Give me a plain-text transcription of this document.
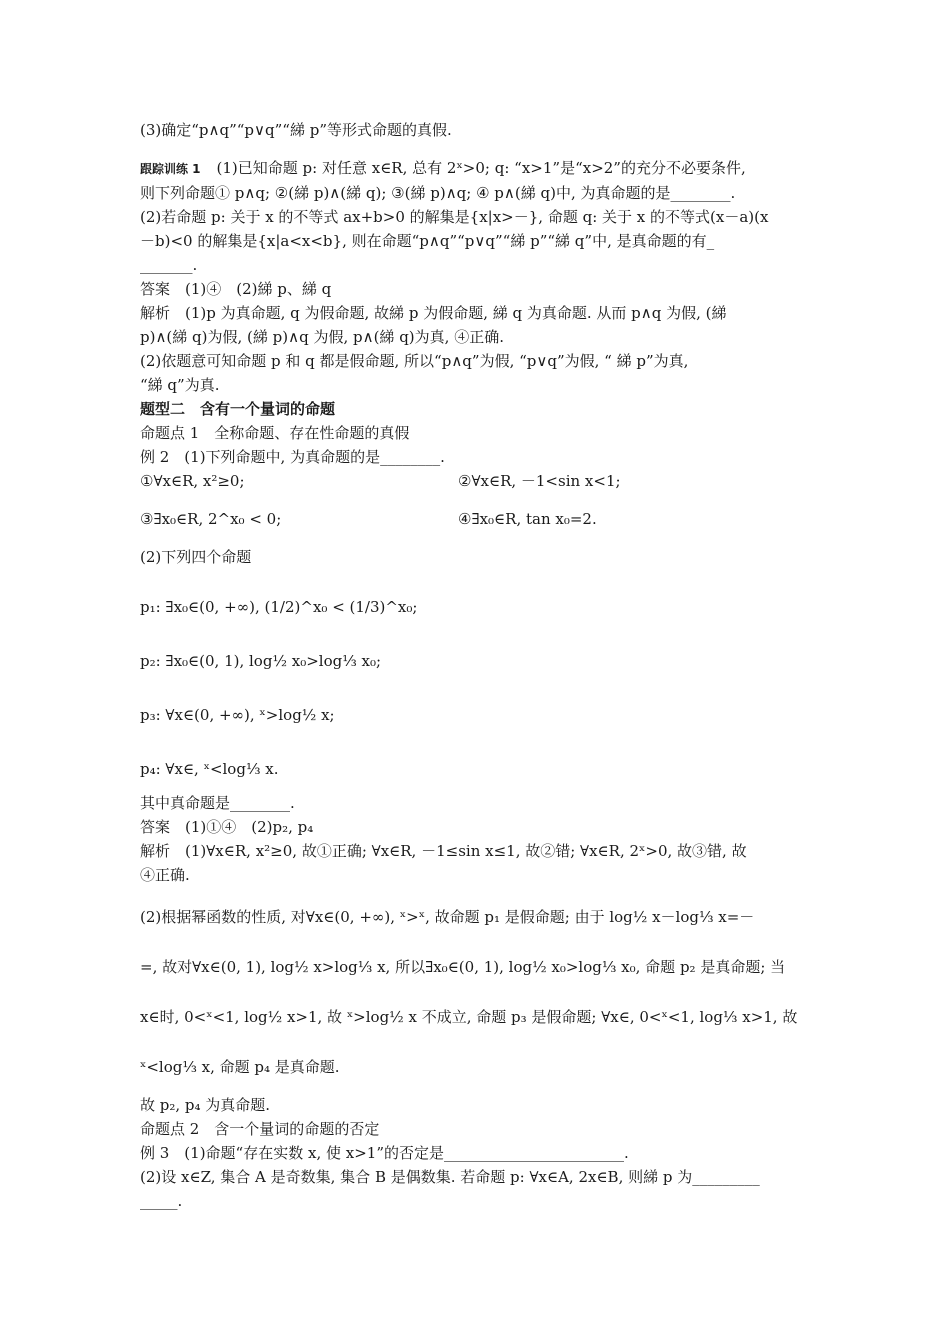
(3)确定“p∧q”“p∨q”“綈 p”等形式命题的真假.
跟踪训练 1 (1)已知命题 p: 对任意 x∈R, 总有 2ˣ>0; q: “x>1”是“x>2”的充分不必要条件,
则下列命题① p∧q; ②(綈 p)∧(綈 q); ③(綈 p)∧q; ④ p∧(綈 q)中, 为真命题的是________.
(2)若命题 p: 关于 x 的不等式 ax+b>0 的解集是{x|x>－}, 命题 q: 关于 x 的不等式(x－a)(x
－b)<0 的解集是{x|a<x<b}, 则在命题“p∧q”“p∨q”“綈 p”“綈 q”中, 是真命题的有_
_______.
答案　(1)④　(2)綈 p、綈 q
解析　(1)p 为真命题, q 为假命题, 故綈 p 为假命题, 綈 q 为真命题. 从而 p∧q 为假, (綈
p)∧(綈 q)为假, (綈 p)∧q 为假, p∧(綈 q)为真, ④正确.
(2)依题意可知命题 p 和 q 都是假命题, 所以“p∧q”为假, “p∨q”为假, “ 綈 p”为真,
“綈 q”为真.
题型二　含有一个量词的命题
命题点 1　全称命题、存在性命题的真假
例 2　(1)下列命题中, 为真命题的是________.
①∀x∈R, x²≥0;	②∀x∈R, －1<sin x<1;
③∃x₀∈R, 2^x₀ < 0;	④∃x₀∈R, tan x₀=2.
(2)下列四个命题
p₁: ∃x₀∈(0, +∞), (1/2)^x₀ < (1/3)^x₀;
p₂: ∃x₀∈(0, 1), log½ x₀>log⅓ x₀;
p₃: ∀x∈(0, +∞), ˣ>log½ x;
p₄: ∀x∈, ˣ<log⅓ x.
其中真命题是________.
答案　(1)①④　(2)p₂, p₄
解析　(1)∀x∈R, x²≥0, 故①正确; ∀x∈R, －1≤sin x≤1, 故②错; ∀x∈R, 2ˣ>0, 故③错, 故
④正确.
(2)根据幂函数的性质, 对∀x∈(0, +∞), ˣ>ˣ, 故命题 p₁ 是假命题; 由于 log½ x－log⅓ x=－
=, 故对∀x∈(0, 1), log½ x>log⅓ x, 所以∃x₀∈(0, 1), log½ x₀>log⅓ x₀, 命题 p₂ 是真命题; 当
x∈时, 0<ˣ<1, log½ x>1, 故 ˣ>log½ x 不成立, 命题 p₃ 是假命题; ∀x∈, 0<ˣ<1, log⅓ x>1, 故
ˣ<log⅓ x, 命题 p₄ 是真命题.
故 p₂, p₄ 为真命题.
命题点 2　含一个量词的命题的否定
例 3　(1)命题“存在实数 x, 使 x>1”的否定是________________________.
(2)设 x∈Z, 集合 A 是奇数集, 集合 B 是偶数集. 若命题 p: ∀x∈A, 2x∈B, 则綈 p 为_________
_____.
